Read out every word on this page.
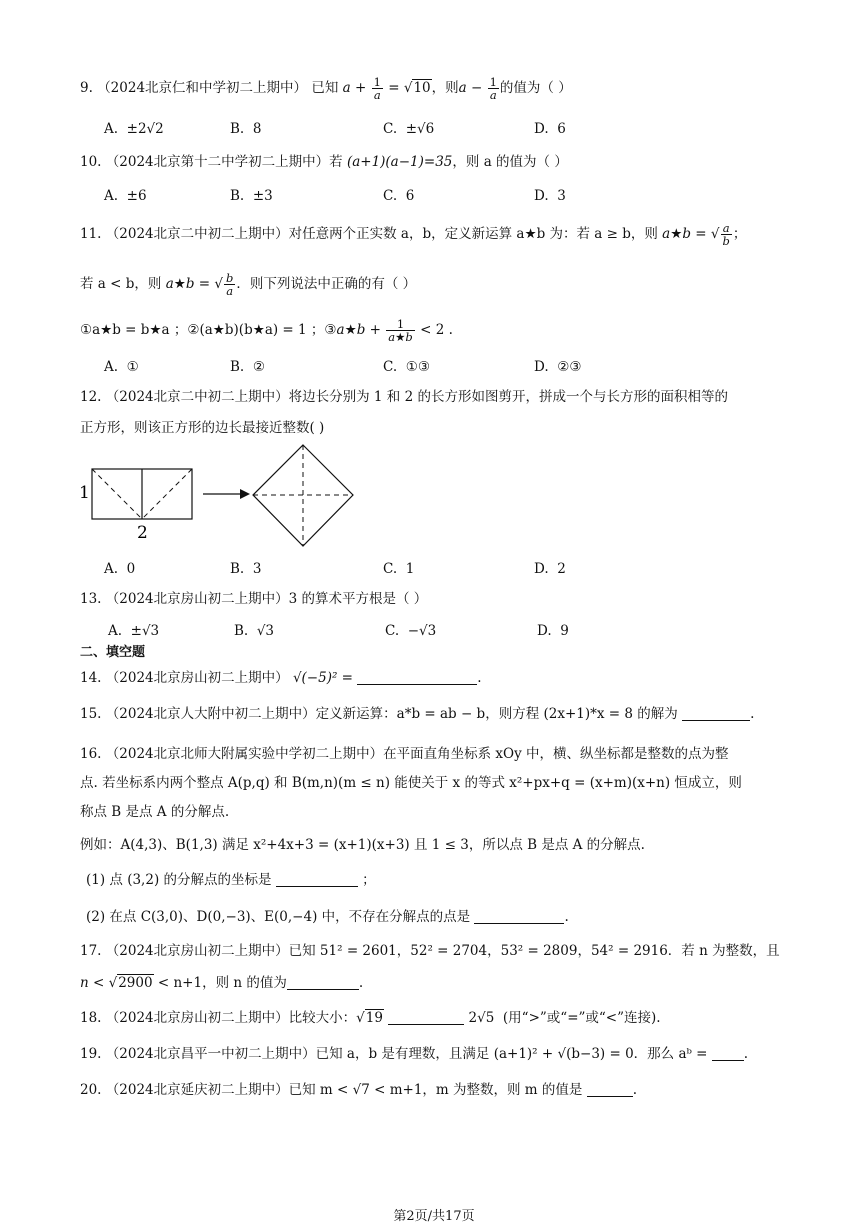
9. （2024北京仁和中学初二上期中） 已知 $a + \frac{1}{a} = √10$，则$a - \frac{1}{a}$ 的值为（ ）
A. ±2√2	B. 8	C. ±√6	D. 6
10. （2024北京第十二中学初二上期中）若 (a+1)(a−1)=35，则 a 的值为（ ）
A. ±6	B. ±3	C. 6	D. 3
11. （2024北京二中初二上期中）对任意两个正实数 a，b，定义新运算 a★b 为：若 a ≥ b，则 a★b = √ $\frac{a}{b}$ ；
若 a < b，则 a★b = √ $\frac{b}{a}$ ．则下列说法中正确的有（ ）
①a★b = b★a ；②(a★b)(b★a) = 1 ；③a★b + $\frac{1}{a★b} < 2$ .
A. ①	B. ②	C. ①③	D. ②③
12. （2024北京二中初二上期中）将边长分别为 1 和 2 的长方形如图剪开，拼成一个与长方形的面积相等的
正方形，则该正方形的边长最接近整数( )
1
2
A. 0	B. 3	C. 1	D. 2
13. （2024北京房山初二上期中）3 的算术平方根是（ ）
A. ±√3	B. √3	C. −√3	D. 9
二、填空题
14. （2024北京房山初二上期中） √(−5)² =	.
15. （2024北京人大附中初二上期中）定义新运算：a*b = ab − b，则方程 (2x+1)*x = 8 的解为	.
16. （2024北京北师大附属实验中学初二上期中）在平面直角坐标系 xOy 中，横、纵坐标都是整数的点为整
点. 若坐标系内两个整点 A(p,q) 和 B(m,n)(m ≤ n) 能使关于 x 的等式 x²+px+q = (x+m)(x+n) 恒成立，则
称点 B 是点 A 的分解点.
例如：A(4,3)、B(1,3) 满足 x²+4x+3 = (x+1)(x+3) 且 1 ≤ 3，所以点 B 是点 A 的分解点.
(1) 点 (3,2) 的分解点的坐标是	；
(2) 在点 C(3,0)、D(0,−3)、E(0,−4) 中，不存在分解点的点是	.
17. （2024北京房山初二上期中）已知 51² = 2601，52² = 2704，53² = 2809，54² = 2916．若 n 为整数，且
n < √2900 < n+1，则 n 的值为	.
18. （2024北京房山初二上期中）比较大小：√19	2√5 (用“>”或“=”或“<”连接).
19. （2024北京昌平一中初二上期中）已知 a，b 是有理数，且满足 (a+1)² + √(b−3) = 0．那么 aᵇ =	.
20. （2024北京延庆初二上期中）已知 m < √7 < m+1，m 为整数，则 m 的值是	.
第2页/共17页
